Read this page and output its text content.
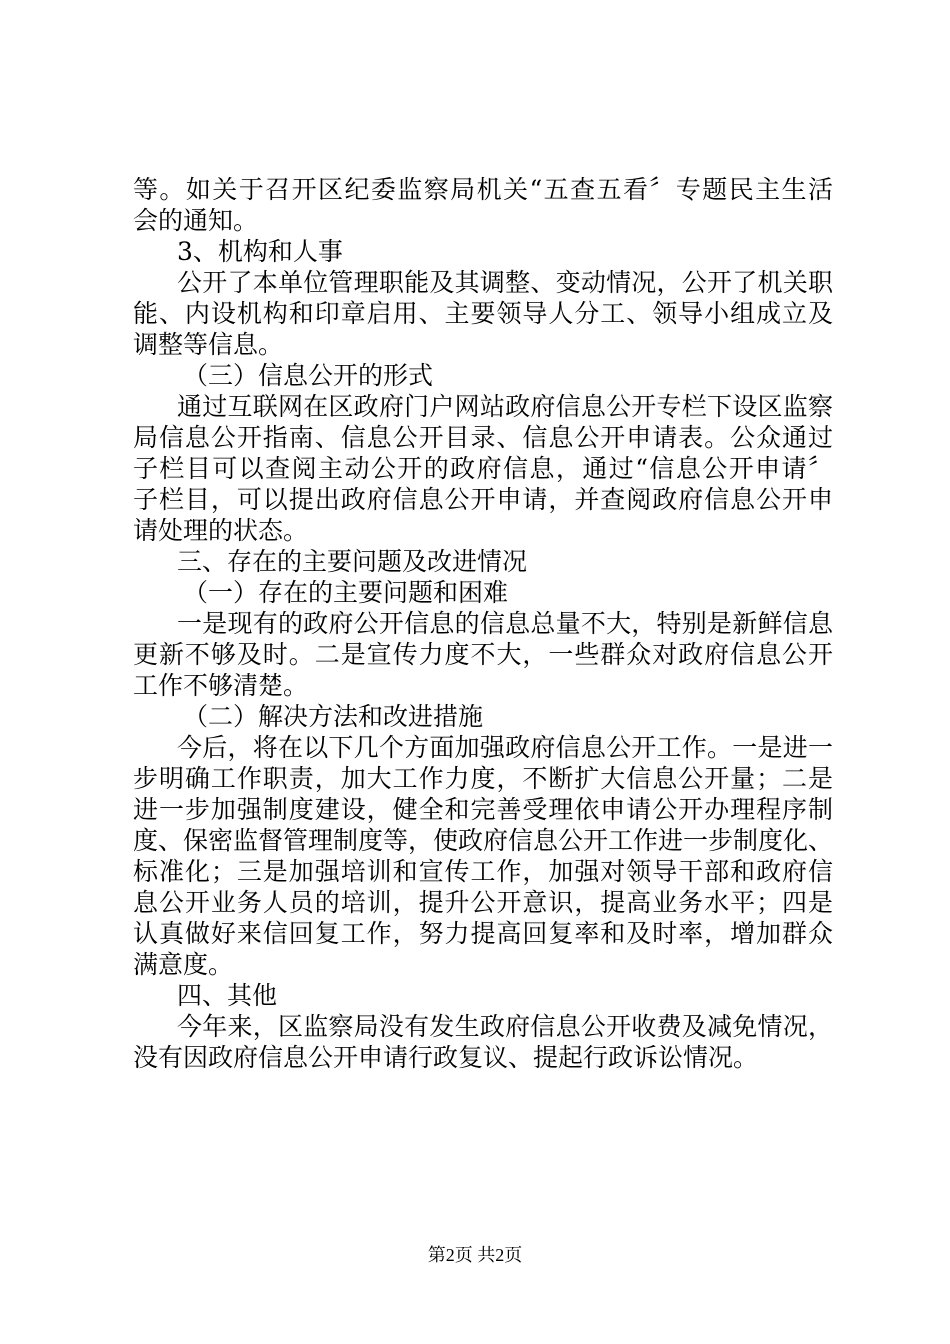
等。如关于召开区纪委监察局机关“五查五看〞专题民主生活
会的通知。
3、机构和人事
公开了本单位管理职能及其调整、变动情况，公开了机关职
能、内设机构和印章启用、主要领导人分工、领导小组成立及
调整等信息。
（三）信息公开的形式
通过互联网在区政府门户网站政府信息公开专栏下设区监察
局信息公开指南、信息公开目录、信息公开申请表。公众通过
子栏目可以查阅主动公开的政府信息，通过“信息公开申请〞
子栏目，可以提出政府信息公开申请，并查阅政府信息公开申
请处理的状态。
三、存在的主要问题及改进情况
（一）存在的主要问题和困难
一是现有的政府公开信息的信息总量不大，特别是新鲜信息
更新不够及时。二是宣传力度不大，一些群众对政府信息公开
工作不够清楚。
（二）解决方法和改进措施
今后，将在以下几个方面加强政府信息公开工作。一是进一
步明确工作职责，加大工作力度，不断扩大信息公开量；二是
进一步加强制度建设，健全和完善受理依申请公开办理程序制
度、保密监督管理制度等，使政府信息公开工作进一步制度化、
标准化；三是加强培训和宣传工作，加强对领导干部和政府信
息公开业务人员的培训，提升公开意识，提高业务水平；四是
认真做好来信回复工作，努力提高回复率和及时率，增加群众
满意度。
四、其他
今年来，区监察局没有发生政府信息公开收费及减免情况，
没有因政府信息公开申请行政复议、提起行政诉讼情况。
第2页 共2页
